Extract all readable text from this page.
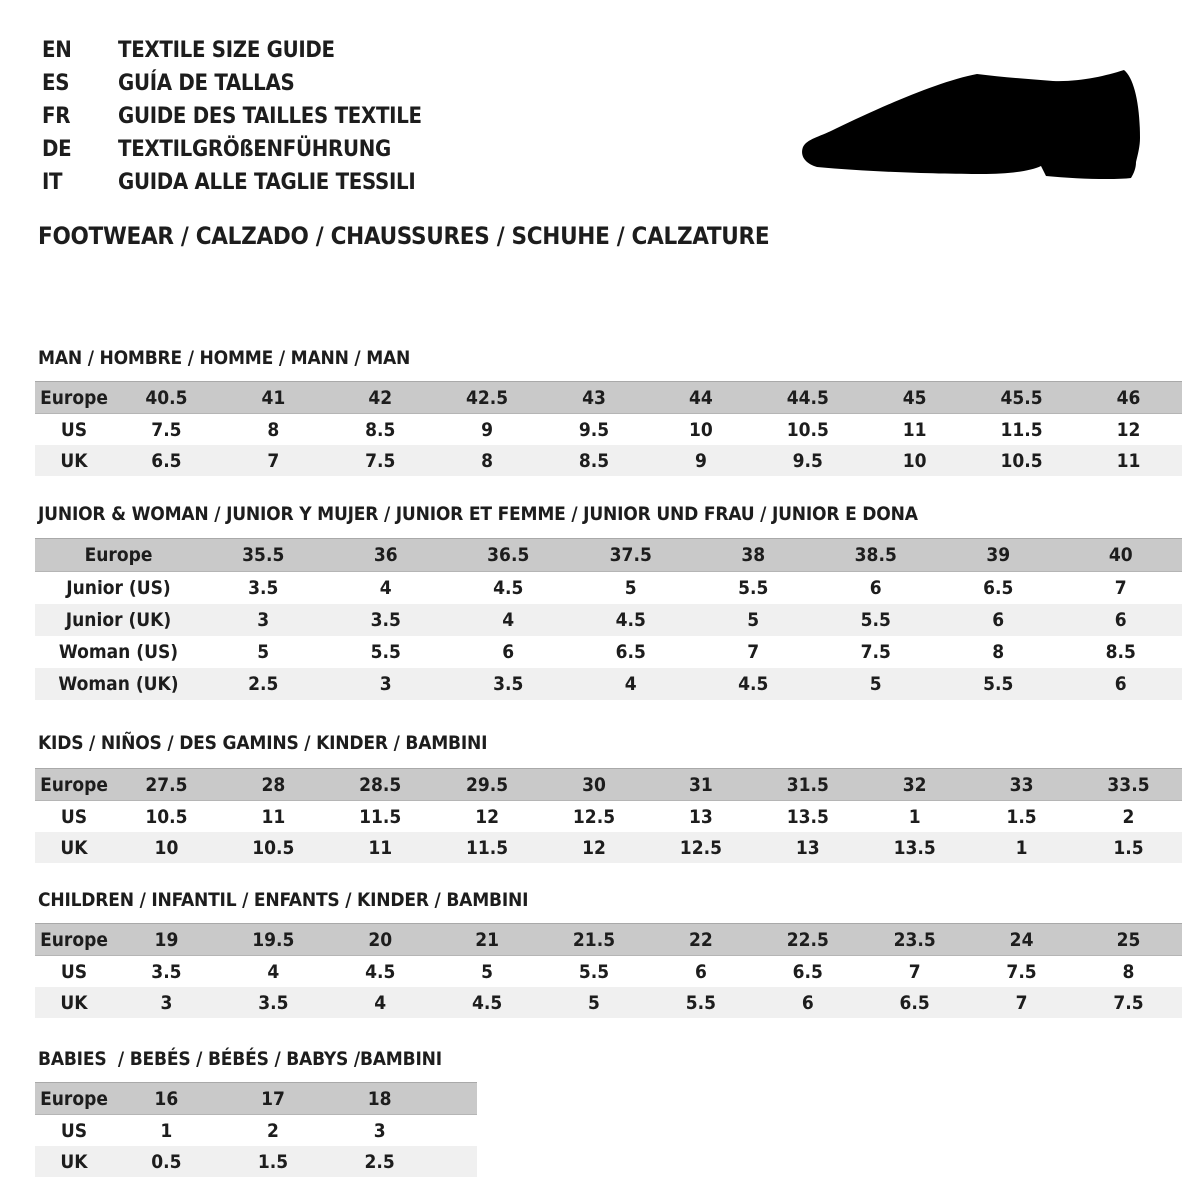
EN	TEXTILE SIZE GUIDE
ES	GUÍA DE TALLAS
FR	GUIDE DES TAILLES TEXTILE
DE	TEXTILGRÖßENFÜHRUNG
IT	GUIDA ALLE TAGLIE TESSILI
FOOTWEAR / CALZADO / CHAUSSURES / SCHUHE / CALZATURE
MAN / HOMBRE / HOMME / MANN / MAN
Europe	40.5	41	42	42.5	43	44	44.5	45	45.5	46
US	7.5	8	8.5	9	9.5	10	10.5	11	11.5	12
UK	6.5	7	7.5	8	8.5	9	9.5	10	10.5	11
JUNIOR & WOMAN / JUNIOR Y MUJER / JUNIOR ET FEMME / JUNIOR UND FRAU / JUNIOR E DONA
Europe	35.5	36	36.5	37.5	38	38.5	39	40
Junior (US)	3.5	4	4.5	5	5.5	6	6.5	7
Junior (UK)	3	3.5	4	4.5	5	5.5	6	6
Woman (US)	5	5.5	6	6.5	7	7.5	8	8.5
Woman (UK)	2.5	3	3.5	4	4.5	5	5.5	6
KIDS / NIÑOS / DES GAMINS / KINDER / BAMBINI
Europe	27.5	28	28.5	29.5	30	31	31.5	32	33	33.5
US	10.5	11	11.5	12	12.5	13	13.5	1	1.5	2
UK	10	10.5	11	11.5	12	12.5	13	13.5	1	1.5
CHILDREN / INFANTIL / ENFANTS / KINDER / BAMBINI
Europe	19	19.5	20	21	21.5	22	22.5	23.5	24	25
US	3.5	4	4.5	5	5.5	6	6.5	7	7.5	8
UK	3	3.5	4	4.5	5	5.5	6	6.5	7	7.5
BABIES  / BEBÉS / BÉBÉS / BABYS /BAMBINI
Europe	16	17	18	
US	1	2	3	
UK	0.5	1.5	2.5	
